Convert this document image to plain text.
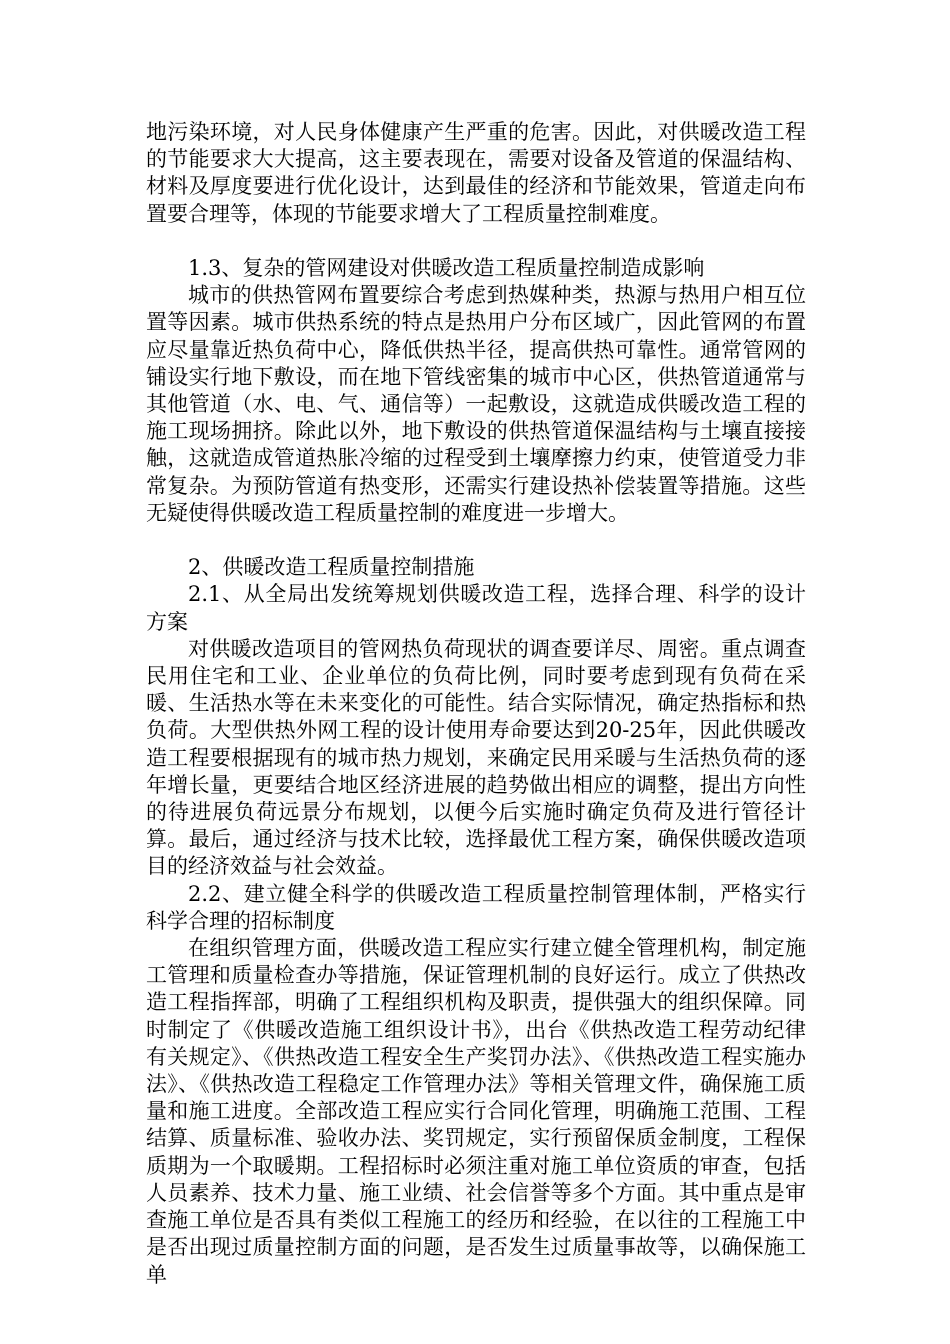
地污染环境，对人民身体健康产生严重的危害。因此，对供暖改造工程的节能要求大大提高，这主要表现在，需要对设备及管道的保温结构、材料及厚度要进行优化设计，达到最佳的经济和节能效果，管道走向布置要合理等，体现的节能要求增大了工程质量控制难度。

1.3、复杂的管网建设对供暖改造工程质量控制造成影响

城市的供热管网布置要综合考虑到热媒种类，热源与热用户相互位置等因素。城市供热系统的特点是热用户分布区域广，因此管网的布置应尽量靠近热负荷中心，降低供热半径，提高供热可靠性。通常管网的铺设实行地下敷设，而在地下管线密集的城市中心区，供热管道通常与其他管道（水、电、气、通信等）一起敷设，这就造成供暖改造工程的施工现场拥挤。除此以外，地下敷设的供热管道保温结构与土壤直接接触，这就造成管道热胀冷缩的过程受到土壤摩擦力约束，使管道受力非常复杂。为预防管道有热变形，还需实行建设热补偿装置等措施。这些无疑使得供暖改造工程质量控制的难度进一步增大。

2、供暖改造工程质量控制措施

2.1、从全局出发统筹规划供暖改造工程，选择合理、科学的设计方案

对供暖改造项目的管网热负荷现状的调查要详尽、周密。重点调查民用住宅和工业、企业单位的负荷比例，同时要考虑到现有负荷在采暖、生活热水等在未来变化的可能性。结合实际情况，确定热指标和热负荷。大型供热外网工程的设计使用寿命要达到20-25年，因此供暖改造工程要根据现有的城市热力规划，来确定民用采暖与生活热负荷的逐年增长量，更要结合地区经济进展的趋势做出相应的调整，提出方向性的待进展负荷远景分布规划，以便今后实施时确定负荷及进行管径计算。最后，通过经济与技术比较，选择最优工程方案，确保供暖改造项目的经济效益与社会效益。

2.2、建立健全科学的供暖改造工程质量控制管理体制，严格实行科学合理的招标制度

在组织管理方面，供暖改造工程应实行建立健全管理机构，制定施工管理和质量检查办等措施，保证管理机制的良好运行。成立了供热改造工程指挥部，明确了工程组织机构及职责，提供强大的组织保障。同时制定了《供暖改造施工组织设计书》，出台《供热改造工程劳动纪律有关规定》、《供热改造工程安全生产奖罚办法》、《供热改造工程实施办法》、《供热改造工程稳定工作管理办法》等相关管理文件，确保施工质量和施工进度。全部改造工程应实行合同化管理，明确施工范围、工程结算、质量标准、验收办法、奖罚规定，实行预留保质金制度，工程保质期为一个取暖期。工程招标时必须注重对施工单位资质的审查，包括人员素养、技术力量、施工业绩、社会信誉等多个方面。其中重点是审查施工单位是否具有类似工程施工的经历和经验，在以往的工程施工中是否出现过质量控制方面的问题，是否发生过质量事故等，以确保施工单
